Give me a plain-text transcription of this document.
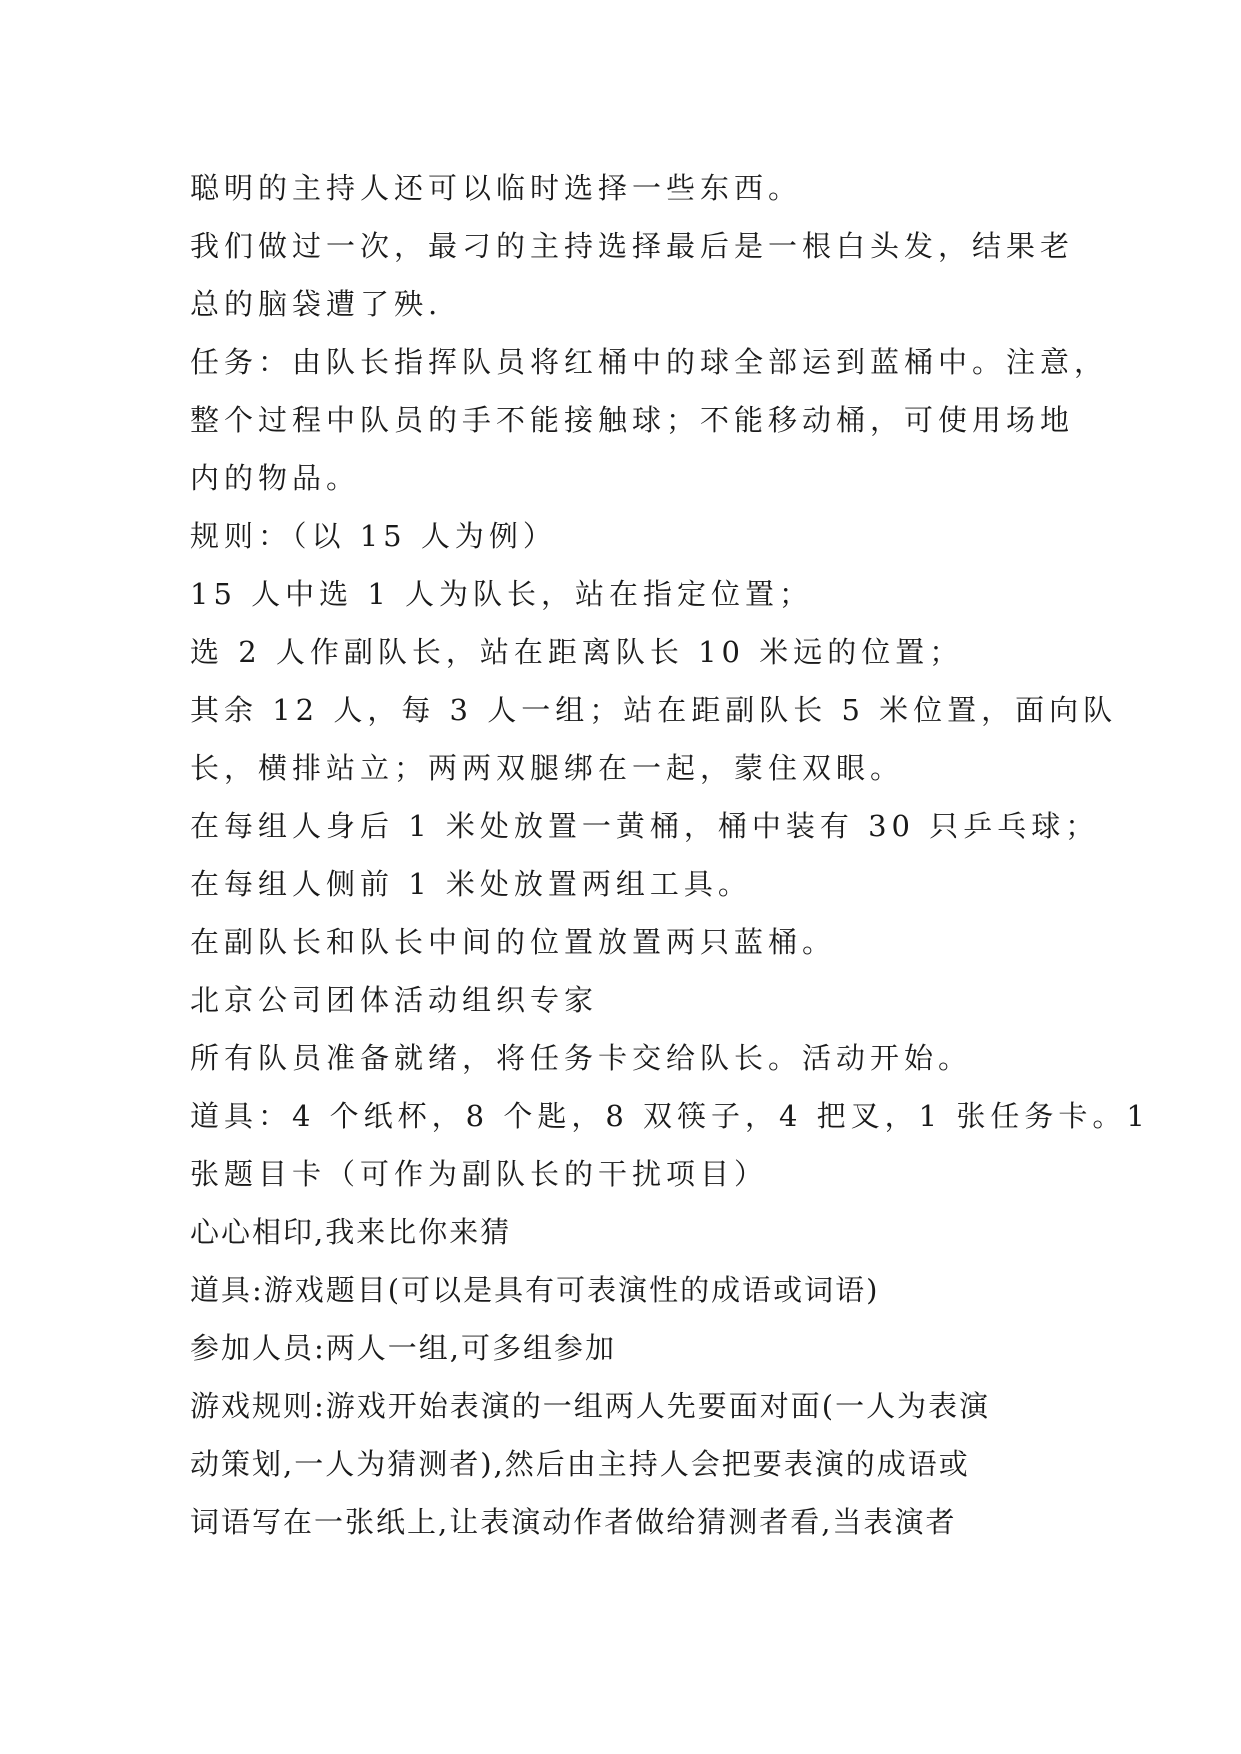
聪明的主持人还可以临时选择一些东西。
我们做过一次，最刁的主持选择最后是一根白头发，结果老
总的脑袋遭了殃.
任务：由队长指挥队员将红桶中的球全部运到蓝桶中。注意，
整个过程中队员的手不能接触球；不能移动桶，可使用场地
内的物品。
规则：（以 15 人为例）
15 人中选 1 人为队长，站在指定位置；
选 2 人作副队长，站在距离队长 10 米远的位置；
其余 12 人，每 3 人一组；站在距副队长 5 米位置，面向队
长，横排站立；两两双腿绑在一起，蒙住双眼。
在每组人身后 1 米处放置一黄桶，桶中装有 30 只乒乓球；
在每组人侧前 1 米处放置两组工具。
在副队长和队长中间的位置放置两只蓝桶。
北京公司团体活动组织专家
所有队员准备就绪，将任务卡交给队长。活动开始。
道具：4 个纸杯，8 个匙，8 双筷子，4 把叉，1 张任务卡。1
张题目卡（可作为副队长的干扰项目）
心心相印,我来比你来猜
道具:游戏题目(可以是具有可表演性的成语或词语)
参加人员:两人一组,可多组参加
游戏规则:游戏开始表演的一组两人先要面对面(一人为表演
动策划,一人为猜测者),然后由主持人会把要表演的成语或
词语写在一张纸上,让表演动作者做给猜测者看,当表演者
